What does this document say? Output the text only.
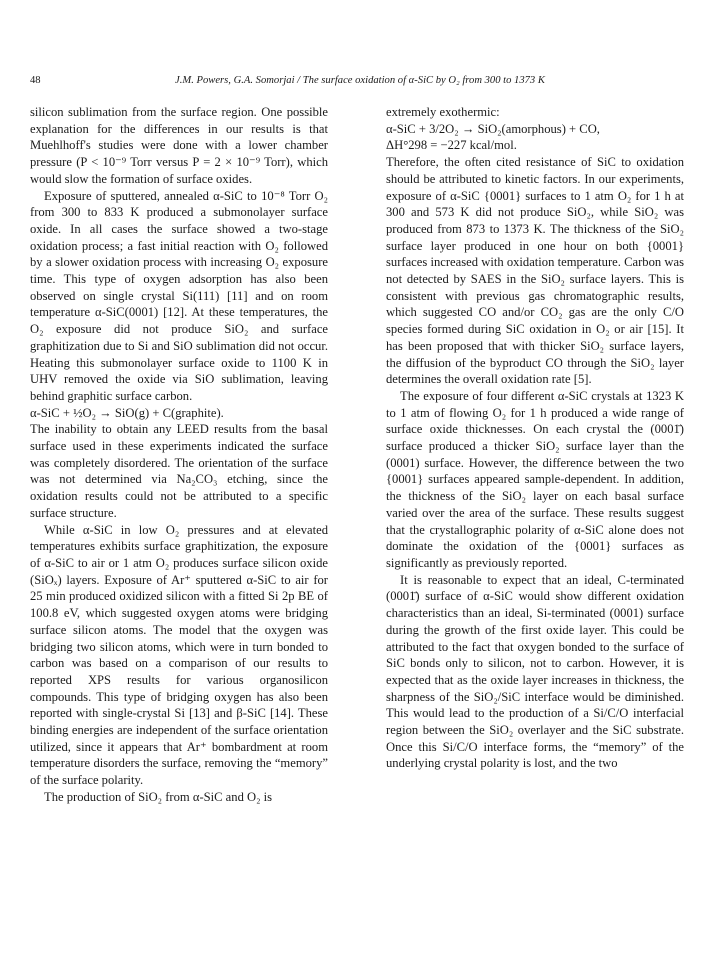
48	J.M. Powers, G.A. Somorjai / The surface oxidation of α-SiC by O₂ from 300 to 1373 K

silicon sublimation from the surface region. One possible explanation for the differences in our results is that Muehlhoff's studies were done with a lower chamber pressure (P < 10⁻⁹ Torr versus P = 2 × 10⁻⁹ Torr), which would slow the formation of surface oxides.

Exposure of sputtered, annealed α-SiC to 10⁻⁸ Torr O₂ from 300 to 833 K produced a submonolayer surface oxide. In all cases the surface showed a two-stage oxidation process; a fast initial reaction with O₂ followed by a slower oxidation process with increasing O₂ exposure time. This type of oxygen adsorption has also been observed on single crystal Si(111) [11] and on room temperature α-SiC(0001) [12]. At these temperatures, the O₂ exposure did not produce SiO₂ and surface graphitization due to Si and SiO sublimation did not occur. Heating this submonolayer surface oxide to 1100 K in UHV removed the oxide via SiO sublimation, leaving behind graphitic surface carbon.

α-SiC + ½O₂ → SiO(g) + C(graphite).

The inability to obtain any LEED results from the basal surface used in these experiments indicated the surface was completely disordered. The orientation of the surface was not determined via Na₂CO₃ etching, since the oxidation results could not be attributed to a specific surface structure.

While α-SiC in low O₂ pressures and at elevated temperatures exhibits surface graphitization, the exposure of α-SiC to air or 1 atm O₂ produces surface silicon oxide (SiOₓ) layers. Exposure of Ar⁺ sputtered α-SiC to air for 25 min produced oxidized silicon with a fitted Si 2p BE of 100.8 eV, which suggested oxygen atoms were bridging surface silicon atoms. The model that the oxygen was bridging two silicon atoms, which were in turn bonded to carbon was based on a comparison of our results to reported XPS results for various organosilicon compounds. This type of bridging oxygen has also been reported with single-crystal Si [13] and β-SiC [14]. These binding energies are independent of the surface orientation utilized, since it appears that Ar⁺ bombardment at room temperature disorders the surface, removing the “memory” of the surface polarity.

The production of SiO₂ from α-SiC and O₂ is

extremely exothermic:

α-SiC + 3/2O₂ → SiO₂(amorphous) + CO,

ΔH°298 = −227 kcal/mol.

Therefore, the often cited resistance of SiC to oxidation should be attributed to kinetic factors. In our experiments, exposure of α-SiC {0001} surfaces to 1 atm O₂ for 1 h at 300 and 573 K did not produce SiO₂, while SiO₂ was produced from 873 to 1373 K. The thickness of the SiO₂ surface layer produced in one hour on both {0001} surfaces increased with oxidation temperature. Carbon was not detected by SAES in the SiO₂ surface layers. This is consistent with previous gas chromatographic results, which suggested CO and/or CO₂ gas are the only C/O species formed during SiC oxidation in O₂ or air [15]. It has been proposed that with thicker SiO₂ surface layers, the diffusion of the byproduct CO through the SiO₂ layer determines the overall oxidation rate [5].

The exposure of four different α-SiC crystals at 1323 K to 1 atm of flowing O₂ for 1 h produced a wide range of surface oxide thicknesses. On each crystal the (0001̄) surface produced a thicker SiO₂ surface layer than the (0001) surface. However, the difference between the two {0001} surfaces appeared sample-dependent. In addition, the thickness of the SiO₂ layer on each basal surface varied over the area of the surface. These results suggest that the crystallographic polarity of α-SiC alone does not dominate the oxidation of the {0001} surfaces as significantly as previously reported.

It is reasonable to expect that an ideal, C-terminated (0001̄) surface of α-SiC would show different oxidation characteristics than an ideal, Si-terminated (0001) surface during the growth of the first oxide layer. This could be attributed to the fact that oxygen bonded to the surface of SiC bonds only to silicon, not to carbon. However, it is expected that as the oxide layer increases in thickness, the sharpness of the SiO₂/SiC interface would be diminished. This would lead to the production of a Si/C/O interfacial region between the SiO₂ overlayer and the SiC substrate. Once this Si/C/O interface forms, the “memory” of the underlying crystal polarity is lost, and the two
